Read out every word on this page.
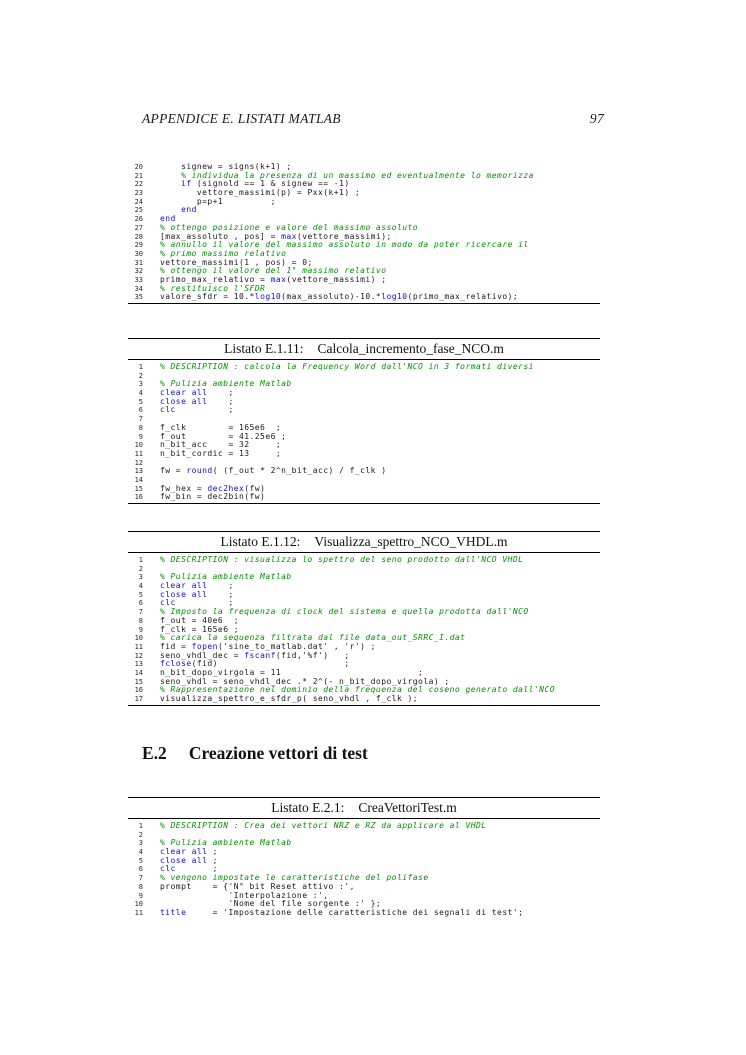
APPENDICE E. LISTATI MATLAB	97
20 signew = signs(k+1) ;
21 % individua la presenza di un massimo ed eventualmente lo memorizza
22	if (signold == 1 & signew == -1)
23 vettore_massimi(p) = Pxx(k+1) ;
24 p=p+1         ;
25	end
26 end
27 % ottengo posizione e valore del massimo assoluto
28 [max_assoluto , pos] = max(vettore_massimi);
29 % annullo il valore del massimo assoluto in modo da poter ricercare il
30 % primo massimo relativo
31 vettore_massimi(1 , pos) = 0;
32 % ottengo il valore del 1° massimo relativo
33 primo_max_relativo = max(vettore_massimi) ;
34 % restituisco l'SFDR
35 valore_sfdr = 10.*log10(max_assoluto)-10.*log10(primo_max_relativo);
Listato E.1.11: Calcola_incremento_fase_NCO.m
1 % DESCRIPTION : calcola la Frequency Word dall'NCO in 3 formati diversi
2

3 % Pulizia ambiente Matlab
4 clear all    ;
5 close all    ;
6 clc          ;
7

8 f_clk        = 165e6  ;
9 f_out        = 41.25e6 ;
10 n_bit_acc    = 32     ;
11 n_bit_cordic = 13     ;
12

13 fw = round( (f_out * 2^n_bit_acc) / f_clk )
14

15 fw_hex = dec2hex(fw)
16 fw_bin = dec2bin(fw)
Listato E.1.12: Visualizza_spettro_NCO_VHDL.m
1 % DESCRIPTION : visualizza lo spettro del seno prodotto dall'NCO VHDL
2

3 % Pulizia ambiente Matlab
4 clear all    ;
5 close all    ;
6 clc          ;
7 % Imposto la frequenza di clock del sistema e quella prodotta dall'NCO
8 f_out = 40e6  ;
9 f_clk = 165e6 ;
10 % carica la sequenza filtrata dal file data_out_SRRC_I.dat
11 fid = fopen('sine_to_matlab.dat' , 'r') ;
12 seno_vhdl_dec = fscanf(fid,'%f')   ;
13 fclose(fid)                        ;
14 n_bit_dopo_virgola = 11                          ;
15 seno_vhdl = seno_vhdl_dec .* 2^(- n_bit_dopo_virgola) ;
16 % Rappresentazione nel dominio della frequenza del coseno generato dall'NCO
17 visualizza_spettro_e_sfdr_p( seno_vhdl , f_clk );
E.2 Creazione vettori di test
Listato E.2.1: CreaVettoriTest.m
1 % DESCRIPTION : Crea dei vettori NRZ e RZ da applicare al VHDL
2

3 % Pulizia ambiente Matlab
4 clear all ;
5 close all ;
6 clc       ;
7 % vengono impostate le caratteristiche del polifase
8 prompt    = {'N° bit Reset attivo :',
9 'Interpolazione :',
10 'Nome del file sorgente :' };
11 title     = 'Impostazione delle caratteristiche dei segnali di test';
